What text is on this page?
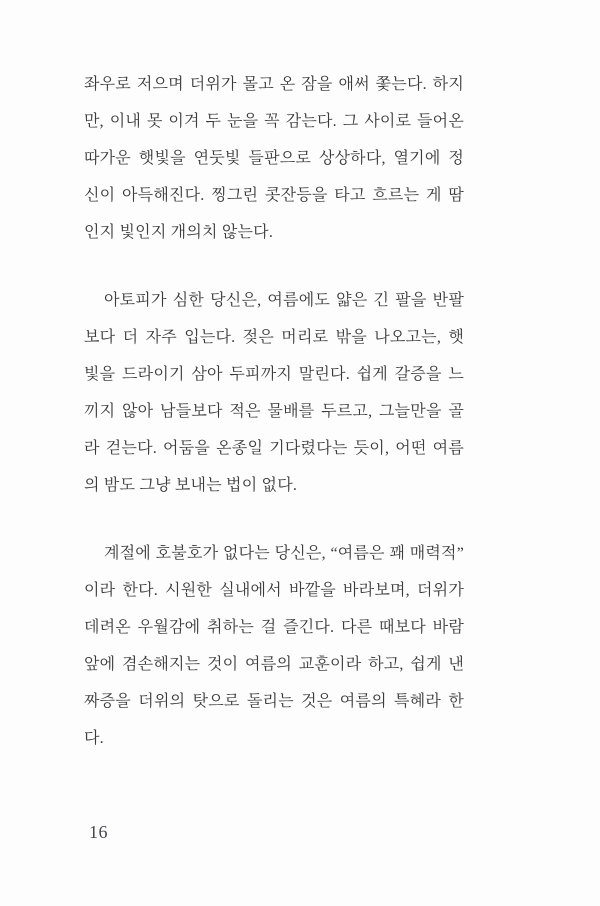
좌우로 저으며 더위가 몰고 온 잠을 애써 쫓는다. 하지
만, 이내 못 이겨 두 눈을 꼭 감는다. 그 사이로 들어온
따가운 햇빛을 연둣빛 들판으로 상상하다, 열기에 정
신이 아득해진다. 찡그린 콧잔등을 타고 흐르는 게 땀
인지 빛인지 개의치 않는다.
아토피가 심한 당신은, 여름에도 얇은 긴 팔을 반팔
보다 더 자주 입는다. 젖은 머리로 밖을 나오고는, 햇
빛을 드라이기 삼아 두피까지 말린다. 쉽게 갈증을 느
끼지 않아 남들보다 적은 물배를 두르고, 그늘만을 골
라 걷는다. 어둠을 온종일 기다렸다는 듯이, 어떤 여름
의 밤도 그냥 보내는 법이 없다.
계절에 호불호가 없다는 당신은, “여름은 꽤 매력적”
이라 한다. 시원한 실내에서 바깥을 바라보며, 더위가
데려온 우월감에 취하는 걸 즐긴다. 다른 때보다 바람
앞에 겸손해지는 것이 여름의 교훈이라 하고, 쉽게 낸
짜증을 더위의 탓으로 돌리는 것은 여름의 특혜라 한
다.
16
